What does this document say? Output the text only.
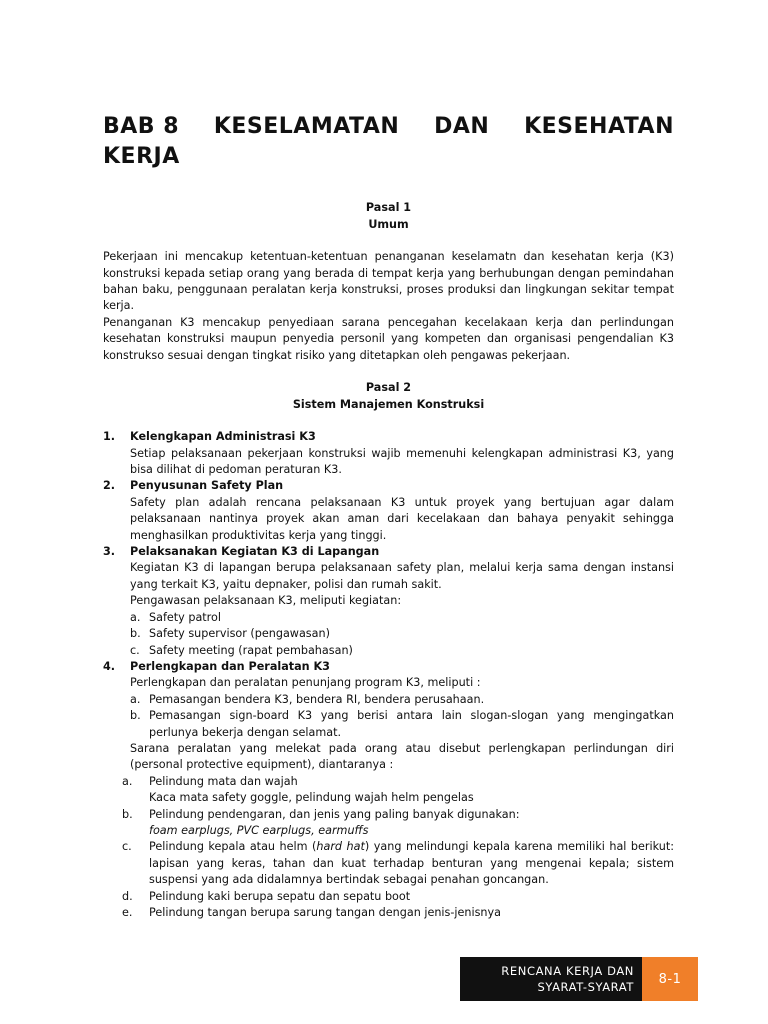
BAB 8 KESELAMATAN DAN KESEHATAN
KERJA
Pasal 1
Umum

Pekerjaan ini mencakup ketentuan-ketentuan penanganan keselamatn dan kesehatan kerja (K3) konstruksi kepada setiap orang yang berada di tempat kerja yang berhubungan dengan pemindahan bahan baku, penggunaan peralatan kerja konstruksi, proses produksi dan lingkungan sekitar tempat kerja.

Penanganan K3 mencakup penyediaan sarana pencegahan kecelakaan kerja dan perlindungan kesehatan konstruksi maupun penyedia personil yang kompeten dan organisasi pengendalian K3 konstrukso sesuai dengan tingkat risiko yang ditetapkan oleh pengawas pekerjaan.

Pasal 2
Sistem Manajemen Konstruksi
1.	Kelengkapan Administrasi K3
Setiap pelaksanaan pekerjaan konstruksi wajib memenuhi kelengkapan administrasi K3, yang bisa dilihat di pedoman peraturan K3.
2.	Penyusunan Safety Plan
Safety plan adalah rencana pelaksanaan K3 untuk proyek yang bertujuan agar dalam pelaksanaan nantinya proyek akan aman dari kecelakaan dan bahaya penyakit sehingga menghasilkan produktivitas kerja yang tinggi.
3.	Pelaksanakan Kegiatan K3 di Lapangan
Kegiatan K3 di lapangan berupa pelaksanaan safety plan, melalui kerja sama dengan instansi yang terkait K3, yaitu depnaker, polisi dan rumah sakit.
Pengawasan pelaksanaan K3, meliputi kegiatan:
a. Safety patrol
b. Safety supervisor (pengawasan)
c. Safety meeting (rapat pembahasan)
4.	Perlengkapan dan Peralatan K3
Perlengkapan dan peralatan penunjang program K3, meliputi :
a. Pemasangan bendera K3, bendera RI, bendera perusahaan.
b. Pemasangan sign-board K3 yang berisi antara lain slogan-slogan yang mengingatkan perlunya bekerja dengan selamat.
Sarana peralatan yang melekat pada orang atau disebut perlengkapan perlindungan diri (personal protective equipment), diantaranya :
a.	Pelindung mata dan wajah
Kaca mata safety goggle, pelindung wajah helm pengelas
b.	Pelindung pendengaran, dan jenis yang paling banyak digunakan:
foam earplugs, PVC earplugs, earmuffs
c.	Pelindung kepala atau helm (hard hat) yang melindungi kepala karena memiliki hal berikut: lapisan yang keras, tahan dan kuat terhadap benturan yang mengenai kepala; sistem suspensi yang ada didalamnya bertindak sebagai penahan goncangan.
d.	Pelindung kaki berupa sepatu dan sepatu boot
e.	Pelindung tangan berupa sarung tangan dengan jenis-jenisnya
RENCANA KERJA DAN
SYARAT-SYARAT
8-1
